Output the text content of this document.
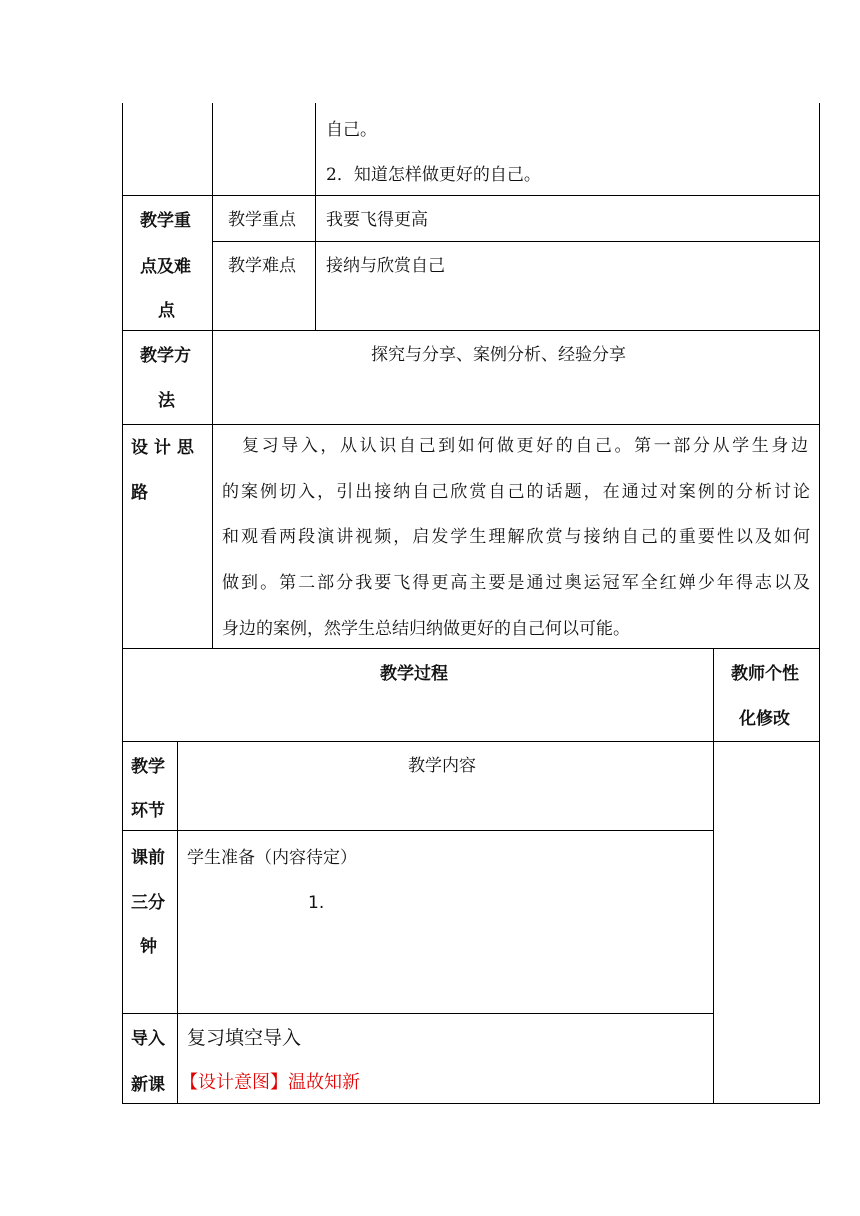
自己。
2．知道怎样做更好的自己。
教学重
点及难
点
教学重点 我要飞得更高
教学难点 接纳与欣赏自己
教学方
法
探究与分享、案例分析、经验分享
设 计 思
路
复习导入，从认识自己到如何做更好的自己。第一部分从学生身边
的案例切入，引出接纳自己欣赏自己的话题，在通过对案例的分析讨论
和观看两段演讲视频，启发学生理解欣赏与接纳自己的重要性以及如何
做到。第二部分我要飞得更高主要是通过奥运冠军全红婵少年得志以及
身边的案例，然学生总结归纳做更好的自己何以可能。
教学过程	教师个性
化修改
教学
环节
教学内容
课前
三分
钟
学生准备（内容待定）
1.
导入
新课
复习填空导入
【设计意图】温故知新
